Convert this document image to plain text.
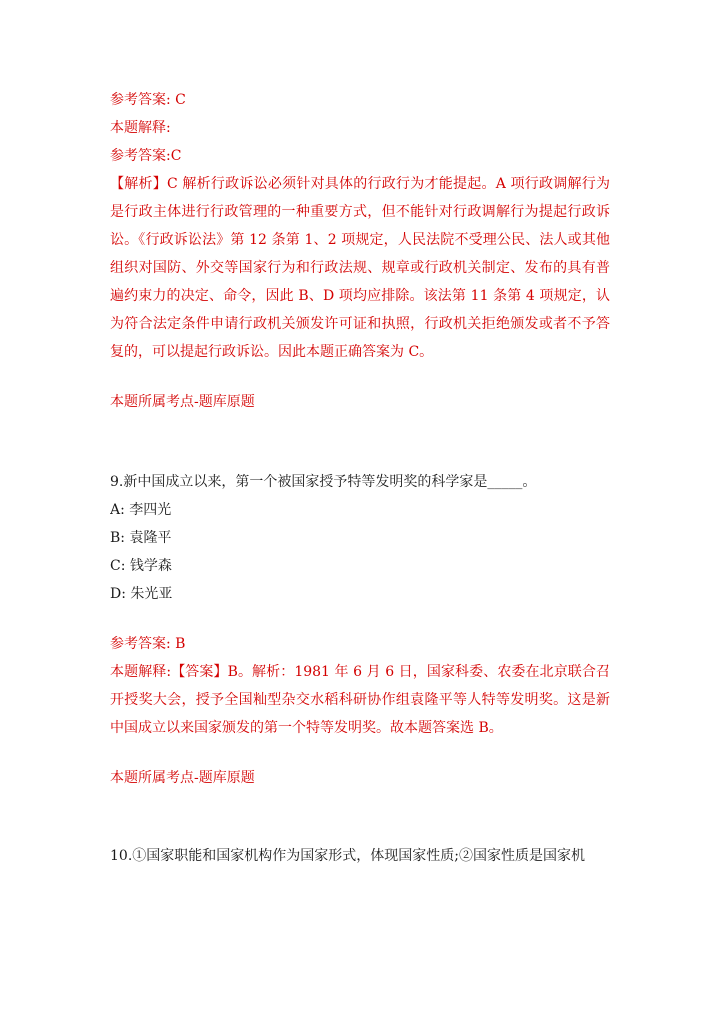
参考答案: C
本题解释:
参考答案:C
【解析】C 解析行政诉讼必须针对具体的行政行为才能提起。A 项行政调解行为是行政主体进行行政管理的一种重要方式，但不能针对行政调解行为提起行政诉讼。《行政诉讼法》第 12 条第 1、2 项规定，人民法院不受理公民、法人或其他组织对国防、外交等国家行为和行政法规、规章或行政机关制定、发布的具有普遍约束力的决定、命令，因此 B、D 项均应排除。该法第 11 条第 4 项规定，认为符合法定条件申请行政机关颁发许可证和执照，行政机关拒绝颁发或者不予答复的，可以提起行政诉讼。因此本题正确答案为 C。
本题所属考点-题库原题
9.新中国成立以来，第一个被国家授予特等发明奖的科学家是_____。
A: 李四光
B: 袁隆平
C: 钱学森
D: 朱光亚
参考答案: B
本题解释:【答案】B。解析：1981 年 6 月 6 日，国家科委、农委在北京联合召开授奖大会，授予全国籼型杂交水稻科研协作组袁隆平等人特等发明奖。这是新中国成立以来国家颁发的第一个特等发明奖。故本题答案选 B。
本题所属考点-题库原题
10.①国家职能和国家机构作为国家形式，体现国家性质;②国家性质是国家机
